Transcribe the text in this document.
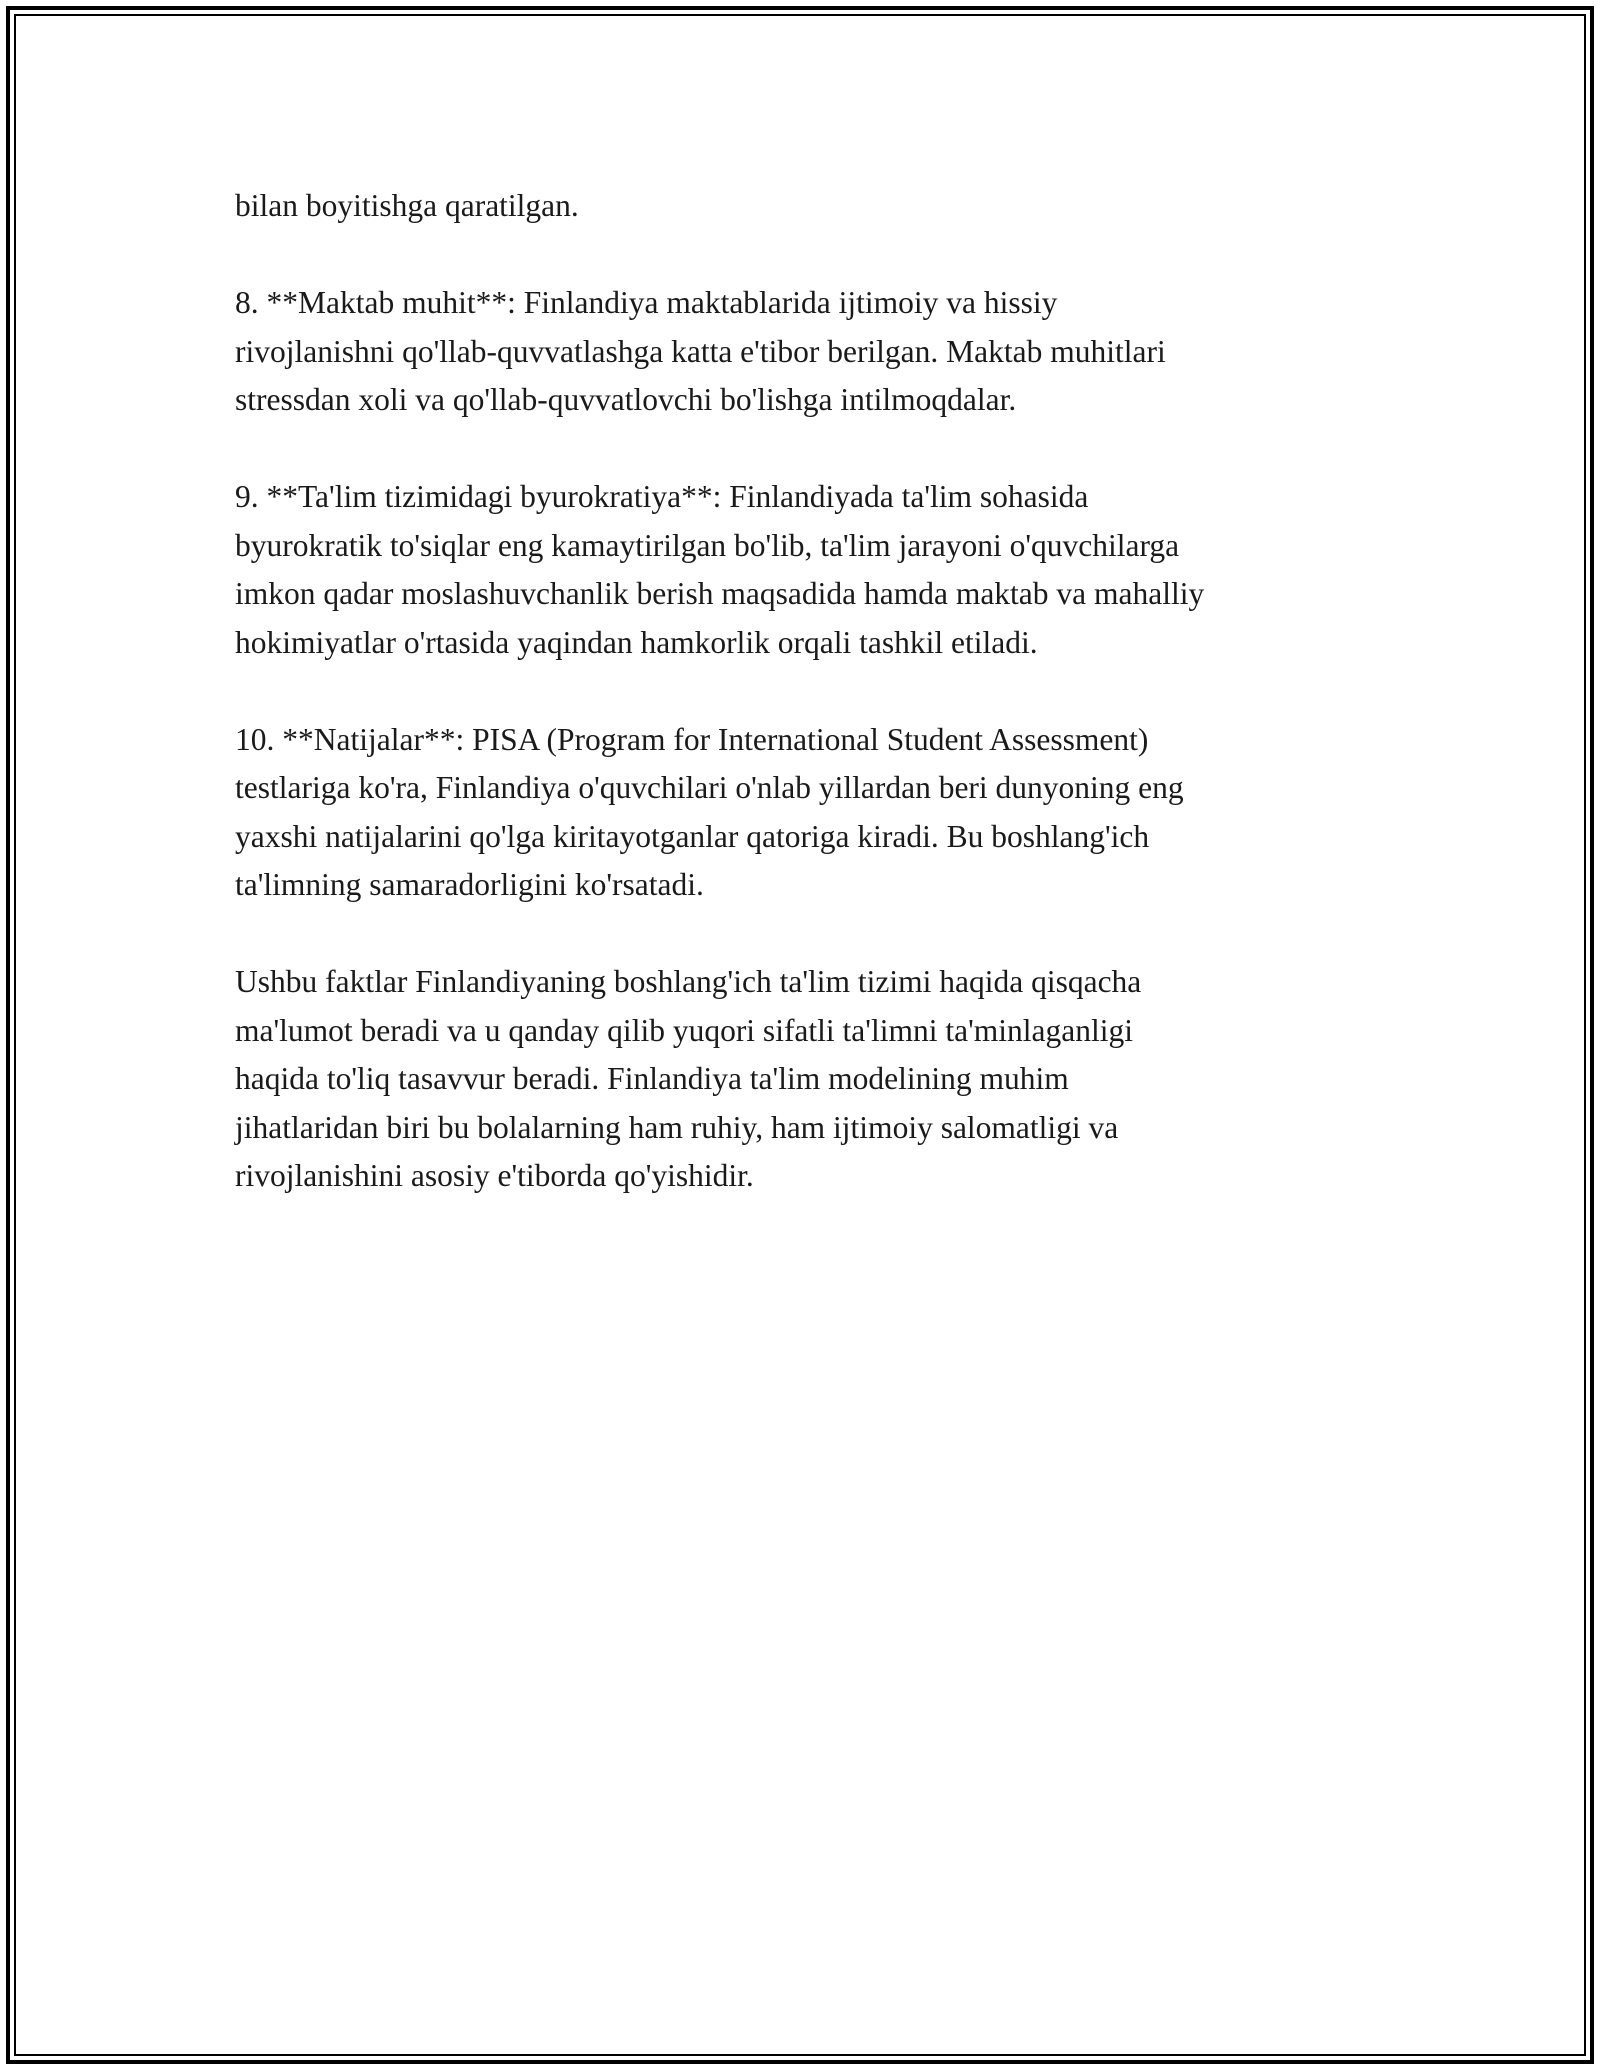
bilan boyitishga qaratilgan.

8. **Maktab muhit**: Finlandiya maktablarida ijtimoiy va hissiy
rivojlanishni qo'llab-quvvatlashga katta e'tibor berilgan. Maktab muhitlari
stressdan xoli va qo'llab-quvvatlovchi bo'lishga intilmoqdalar.

9. **Ta'lim tizimidagi byurokratiya**: Finlandiyada ta'lim sohasida
byurokratik to'siqlar eng kamaytirilgan bo'lib, ta'lim jarayoni o'quvchilarga
imkon qadar moslashuvchanlik berish maqsadida hamda maktab va mahalliy
hokimiyatlar o'rtasida yaqindan hamkorlik orqali tashkil etiladi.

10. **Natijalar**: PISA (Program for International Student Assessment)
testlariga ko'ra, Finlandiya o'quvchilari o'nlab yillardan beri dunyoning eng
yaxshi natijalarini qo'lga kiritayotganlar qatoriga kiradi. Bu boshlang'ich
ta'limning samaradorligini ko'rsatadi.

Ushbu faktlar Finlandiyaning boshlang'ich ta'lim tizimi haqida qisqacha
ma'lumot beradi va u qanday qilib yuqori sifatli ta'limni ta'minlaganligi
haqida to'liq tasavvur beradi. Finlandiya ta'lim modelining muhim
jihatlaridan biri bu bolalarning ham ruhiy, ham ijtimoiy salomatligi va
rivojlanishini asosiy e'tiborda qo'yishidir.
